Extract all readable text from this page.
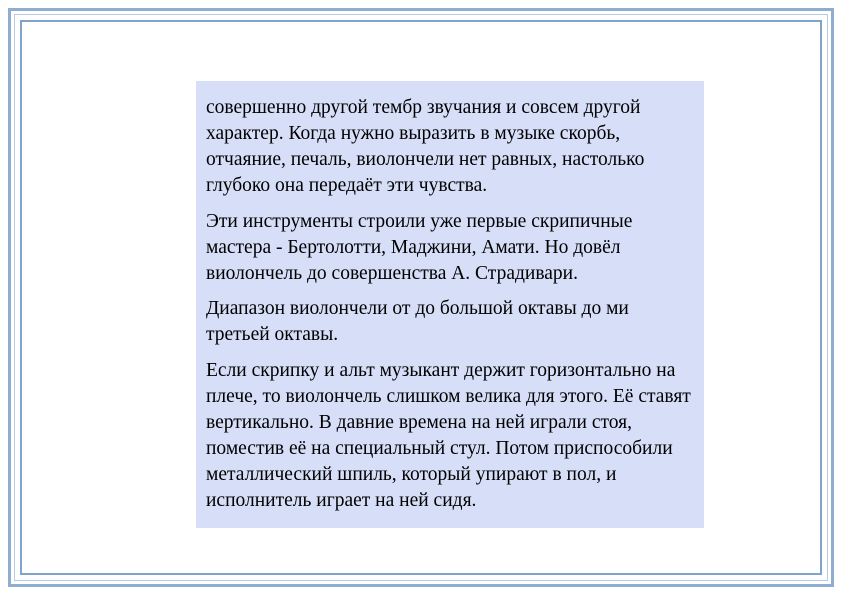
совершенно другой тембр звучания и совсем другой характер. Когда нужно выразить в музыке скорбь, отчаяние, печаль, виолончели нет равных, настолько глубоко она передаёт эти чувства.

Эти инструменты строили уже первые скрипичные мастера - Бертолотти, Маджини, Амати. Но довёл виолончель до совершенства А. Страдивари.

Диапазон виолончели от до большой октавы до ми третьей октавы.

Если скрипку и альт музыкант держит горизонтально на плече, то виолончель слишком велика для этого. Её ставят вертикально. В давние времена на ней играли стоя, поместив её на специальный стул. Потом приспособили металлический шпиль, который упирают в пол, и исполнитель играет на ней сидя.
